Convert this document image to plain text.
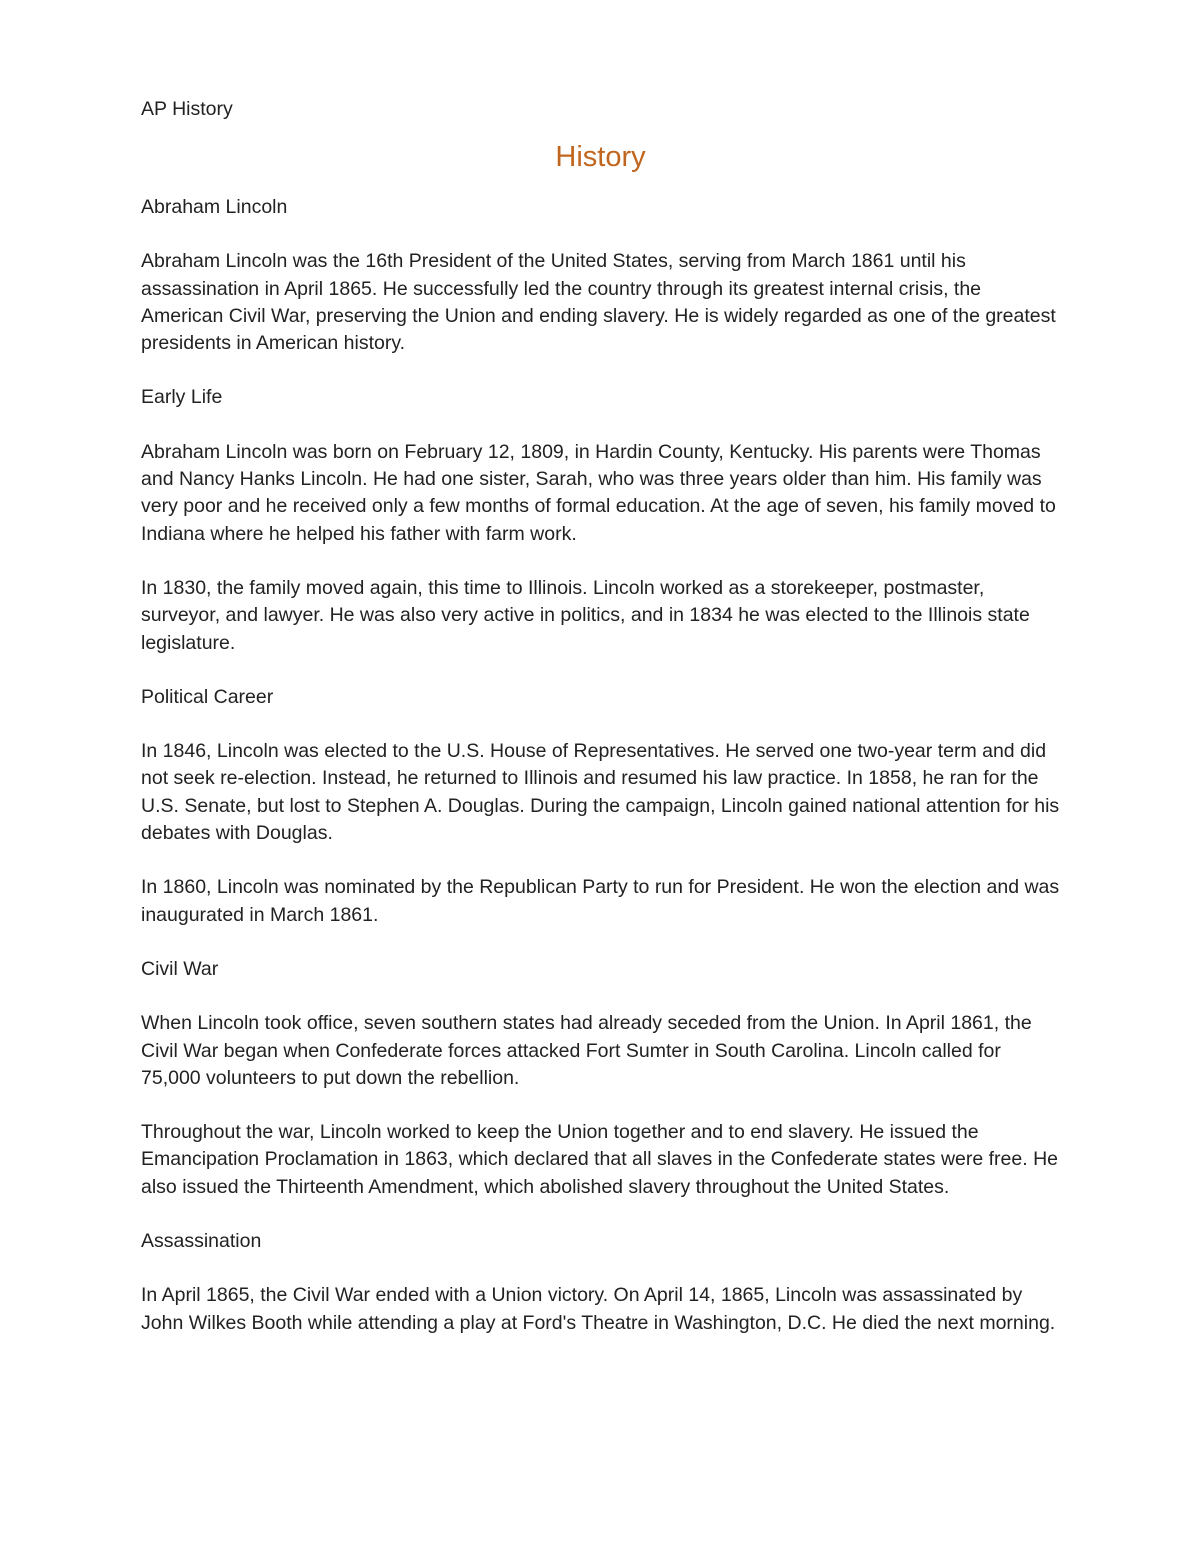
AP History

History

Abraham Lincoln

Abraham Lincoln was the 16th President of the United States, serving from March 1861 until his assassination in April 1865. He successfully led the country through its greatest internal crisis, the American Civil War, preserving the Union and ending slavery. He is widely regarded as one of the greatest presidents in American history.

Early Life

Abraham Lincoln was born on February 12, 1809, in Hardin County, Kentucky. His parents were Thomas and Nancy Hanks Lincoln. He had one sister, Sarah, who was three years older than him. His family was very poor and he received only a few months of formal education. At the age of seven, his family moved to Indiana where he helped his father with farm work.

In 1830, the family moved again, this time to Illinois. Lincoln worked as a storekeeper, postmaster, surveyor, and lawyer. He was also very active in politics, and in 1834 he was elected to the Illinois state legislature.

Political Career

In 1846, Lincoln was elected to the U.S. House of Representatives. He served one two-year term and did not seek re-election. Instead, he returned to Illinois and resumed his law practice. In 1858, he ran for the U.S. Senate, but lost to Stephen A. Douglas. During the campaign, Lincoln gained national attention for his debates with Douglas.

In 1860, Lincoln was nominated by the Republican Party to run for President. He won the election and was inaugurated in March 1861.

Civil War

When Lincoln took office, seven southern states had already seceded from the Union. In April 1861, the Civil War began when Confederate forces attacked Fort Sumter in South Carolina. Lincoln called for 75,000 volunteers to put down the rebellion.

Throughout the war, Lincoln worked to keep the Union together and to end slavery. He issued the Emancipation Proclamation in 1863, which declared that all slaves in the Confederate states were free. He also issued the Thirteenth Amendment, which abolished slavery throughout the United States.

Assassination

In April 1865, the Civil War ended with a Union victory. On April 14, 1865, Lincoln was assassinated by John Wilkes Booth while attending a play at Ford's Theatre in Washington, D.C. He died the next morning.
